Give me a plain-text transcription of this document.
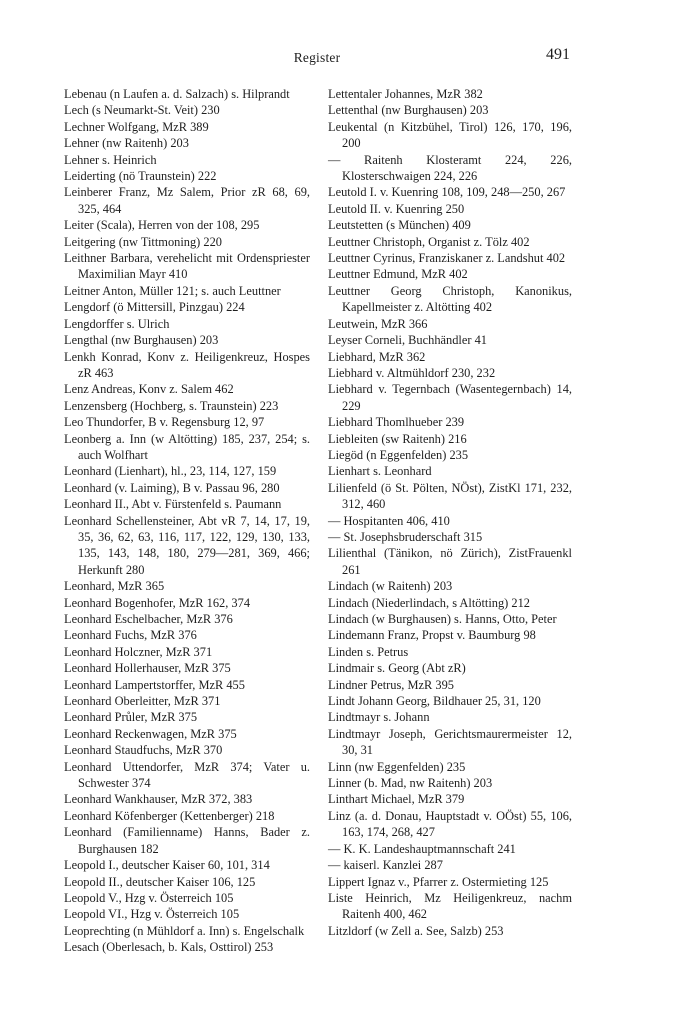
Register	491
Lebenau (n Laufen a. d. Salzach) s. Hilprandt
Lech (s Neumarkt-St. Veit) 230
Lechner Wolfgang, MzR 389
Lehner (nw Raitenh) 203
Lehner s. Heinrich
Leiderting (nö Traunstein) 222
Leinberer Franz, Mz Salem, Prior zR 68, 69, 325, 464
Leiter (Scala), Herren von der 108, 295
Leitgering (nw Tittmoning) 220
Leithner Barbara, verehelicht mit Ordenspriester Maximilian Mayr 410
Leitner Anton, Müller 121; s. auch Leuttner
Lengdorf (ö Mittersill, Pinzgau) 224
Lengdorffer s. Ulrich
Lengthal (nw Burghausen) 203
Lenkh Konrad, Konv z. Heiligenkreuz, Hospes zR 463
Lenz Andreas, Konv z. Salem 462
Lenzensberg (Hochberg, s. Traunstein) 223
Leo Thundorfer, B v. Regensburg 12, 97
Leonberg a. Inn (w Altötting) 185, 237, 254; s. auch Wolfhart
Leonhard (Lienhart), hl., 23, 114, 127, 159
Leonhard (v. Laiming), B v. Passau 96, 280
Leonhard II., Abt v. Fürstenfeld s. Paumann
Leonhard Schellensteiner, Abt vR 7, 14, 17, 19, 35, 36, 62, 63, 116, 117, 122, 129, 130, 133, 135, 143, 148, 180, 279—281, 369, 466; Herkunft 280
Leonhard, MzR 365
Leonhard Bogenhofer, MzR 162, 374
Leonhard Eschelbacher, MzR 376
Leonhard Fuchs, MzR 376
Leonhard Holczner, MzR 371
Leonhard Hollerhauser, MzR 375
Leonhard Lampertstorffer, MzR 455
Leonhard Oberleitter, MzR 371
Leonhard Průler, MzR 375
Leonhard Reckenwagen, MzR 375
Leonhard Staudfuchs, MzR 370
Leonhard Uttendorfer, MzR 374; Vater u. Schwester 374
Leonhard Wankhauser, MzR 372, 383
Leonhard Köfenberger (Kettenberger) 218
Leonhard (Familienname) Hanns, Bader z. Burghausen 182
Leopold I., deutscher Kaiser 60, 101, 314
Leopold II., deutscher Kaiser 106, 125
Leopold V., Hzg v. Österreich 105
Leopold VI., Hzg v. Österreich 105
Leoprechting (n Mühldorf a. Inn) s. Engelschalk
Lesach (Oberlesach, b. Kals, Osttirol) 253
Lettentaler Johannes, MzR 382
Lettenthal (nw Burghausen) 203
Leukental (n Kitzbühel, Tirol) 126, 170, 196, 200
— Raitenh Klosteramt 224, 226, Klosterschwaigen 224, 226
Leutold I. v. Kuenring 108, 109, 248—250, 267
Leutold II. v. Kuenring 250
Leutstetten (s München) 409
Leuttner Christoph, Organist z. Tölz 402
Leuttner Cyrinus, Franziskaner z. Landshut 402
Leuttner Edmund, MzR 402
Leuttner Georg Christoph, Kanonikus, Kapellmeister z. Altötting 402
Leutwein, MzR 366
Leyser Corneli, Buchhändler 41
Liebhard, MzR 362
Liebhard v. Altmühldorf 230, 232
Liebhard v. Tegernbach (Wasentegernbach) 14, 229
Liebhard Thomlhueber 239
Liebleiten (sw Raitenh) 216
Liegöd (n Eggenfelden) 235
Lienhart s. Leonhard
Lilienfeld (ö St. Pölten, NÖst), ZistKl 171, 232, 312, 460
— Hospitanten 406, 410
— St. Josephsbruderschaft 315
Lilienthal (Tänikon, nö Zürich), ZistFrauenkl 261
Lindach (w Raitenh) 203
Lindach (Niederlindach, s Altötting) 212
Lindach (w Burghausen) s. Hanns, Otto, Peter
Lindemann Franz, Propst v. Baumburg 98
Linden s. Petrus
Lindmair s. Georg (Abt zR)
Lindner Petrus, MzR 395
Lindt Johann Georg, Bildhauer 25, 31, 120
Lindtmayr s. Johann
Lindtmayr Joseph, Gerichtsmaurermeister 12, 30, 31
Linn (nw Eggenfelden) 235
Linner (b. Mad, nw Raitenh) 203
Linthart Michael, MzR 379
Linz (a. d. Donau, Hauptstadt v. OÖst) 55, 106, 163, 174, 268, 427
— K. K. Landeshauptmannschaft 241
— kaiserl. Kanzlei 287
Lippert Ignaz v., Pfarrer z. Ostermieting 125
Liste Heinrich, Mz Heiligenkreuz, nachm Raitenh 400, 462
Litzldorf (w Zell a. See, Salzb) 253
